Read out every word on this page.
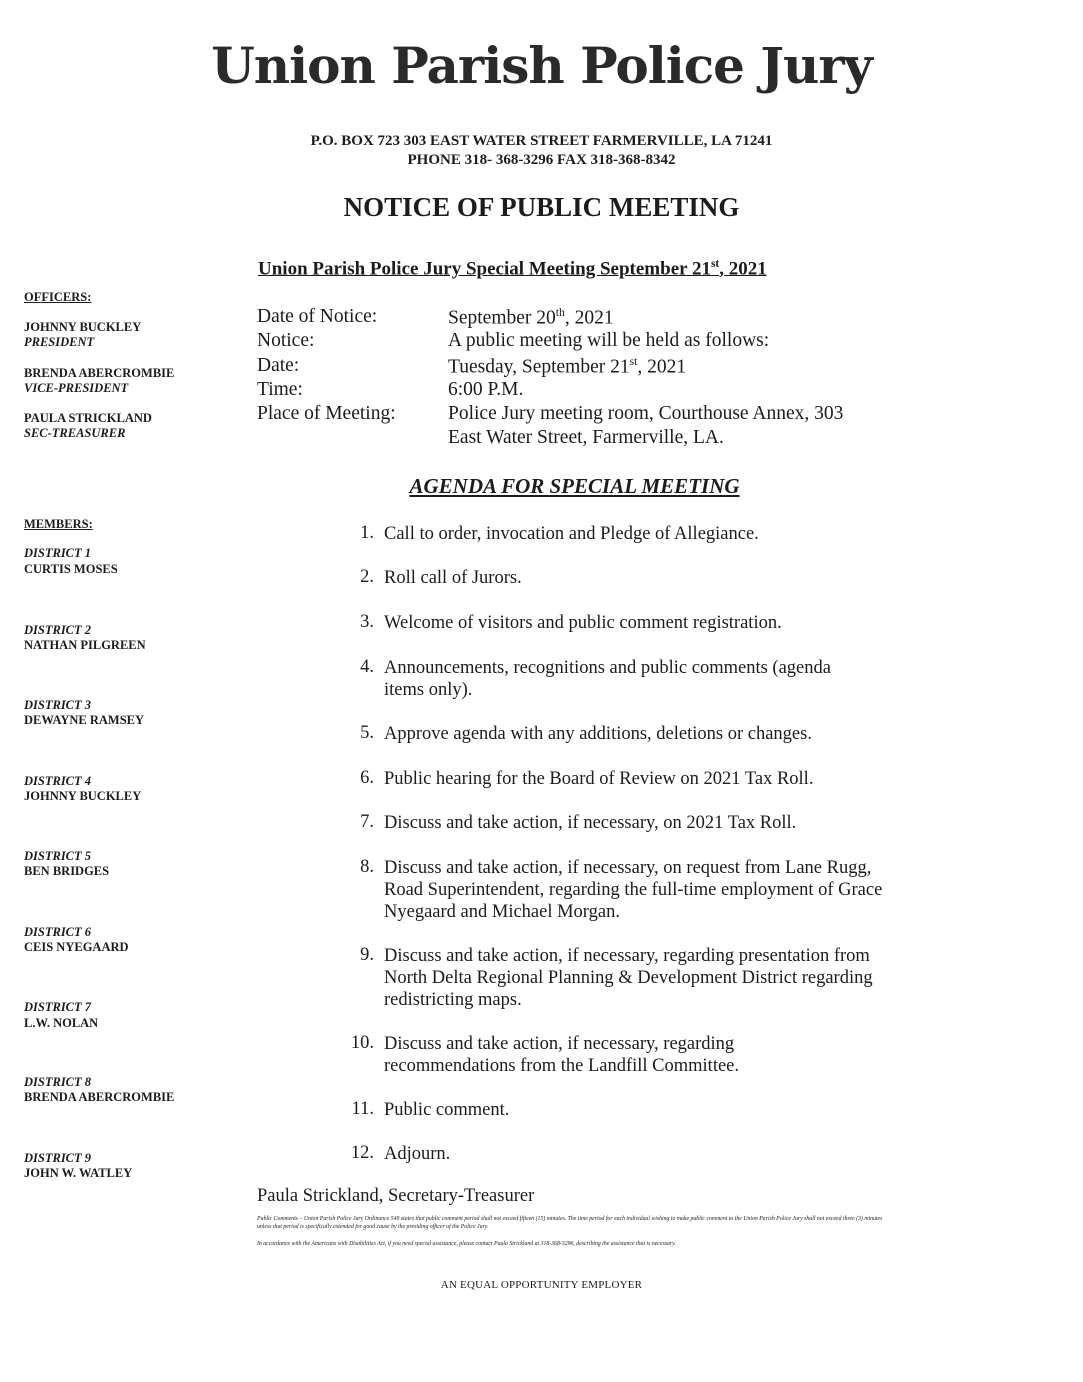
Union Parish Police Jury
P.O. BOX 723 303 EAST WATER STREET FARMERVILLE, LA 71241
PHONE 318- 368-3296 FAX 318-368-8342
NOTICE OF PUBLIC MEETING
Union Parish Police Jury Special Meeting September 21st, 2021
OFFICERS:
JOHNNY BUCKLEY
PRESIDENT
BRENDA ABERCROMBIE
VICE-PRESIDENT
PAULA STRICKLAND
SEC-TREASURER
MEMBERS:
DISTRICT 1
CURTIS MOSES
DISTRICT 2
NATHAN PILGREEN
DISTRICT 3
DEWAYNE RAMSEY
DISTRICT 4
JOHNNY BUCKLEY
DISTRICT 5
BEN BRIDGES
DISTRICT 6
CEIS NYEGAARD
DISTRICT 7
L.W. NOLAN
DISTRICT 8
BRENDA ABERCROMBIE
DISTRICT 9
JOHN W. WATLEY
Date of Notice:	September 20th, 2021
Notice:	A public meeting will be held as follows:
Date:	Tuesday, September 21st, 2021
Time:	6:00 P.M.
Place of Meeting:	Police Jury meeting room, Courthouse Annex, 303
East Water Street, Farmerville, LA.
AGENDA FOR SPECIAL MEETING
1. Call to order, invocation and Pledge of Allegiance.
2. Roll call of Jurors.
3. Welcome of visitors and public comment registration.
4. Announcements, recognitions and public comments (agenda items only).
5. Approve agenda with any additions, deletions or changes.
6. Public hearing for the Board of Review on 2021 Tax Roll.
7. Discuss and take action, if necessary, on 2021 Tax Roll.
8. Discuss and take action, if necessary, on request from Lane Rugg, Road Superintendent, regarding the full-time employment of Grace Nyegaard and Michael Morgan.
9. Discuss and take action, if necessary, regarding presentation from North Delta Regional Planning & Development District regarding redistricting maps.
10. Discuss and take action, if necessary, regarding recommendations from the Landfill Committee.
11. Public comment.
12. Adjourn.
Paula Strickland, Secretary-Treasurer
Public Comments – Union Parish Police Jury Ordinance 549 states that public comment period shall not exceed fifteen (15) minutes. The time period for each individual wishing to make public comment to the Union Parish Police Jury shall not exceed three (3) minutes unless that period is specifically extended for good cause by the presiding officer of the Police Jury.
In accordance with the Americans with Disabilities Act, if you need special assistance, please contact Paula Strickland at 318-368-3296, describing the assistance that is necessary.
AN EQUAL OPPORTUNITY EMPLOYER
